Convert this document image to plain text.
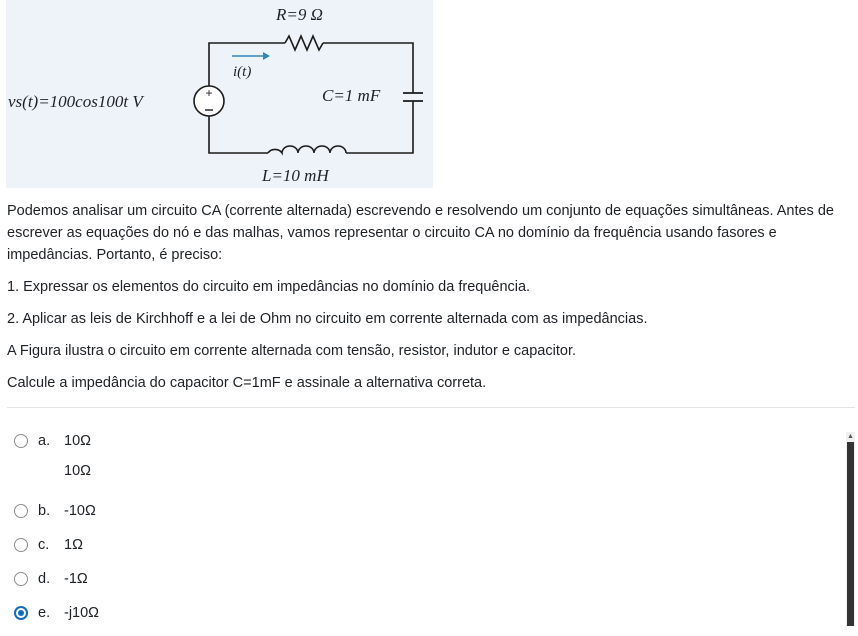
+
R=9 Ω
i(t)
vs(t)=100cos100t V	C=1 mF
L=10 mH

Podemos analisar um circuito CA (corrente alternada) escrevendo e resolvendo um conjunto de equações simultâneas. Antes de escrever as equações do nó e das malhas, vamos representar o circuito CA no domínio da frequência usando fasores e impedâncias. Portanto, é preciso:

1. Expressar os elementos do circuito em impedâncias no domínio da frequência.

2. Aplicar as leis de Kirchhoff e a lei de Ohm no circuito em corrente alternada com as impedâncias.

A Figura ilustra o circuito em corrente alternada com tensão, resistor, indutor e capacitor.

Calcule a impedância do capacitor C=1mF e assinale a alternativa correta.

a. 10Ω
10Ω
b. -10Ω
c.	1Ω
d. -1Ω
e. -j10Ω
▲
